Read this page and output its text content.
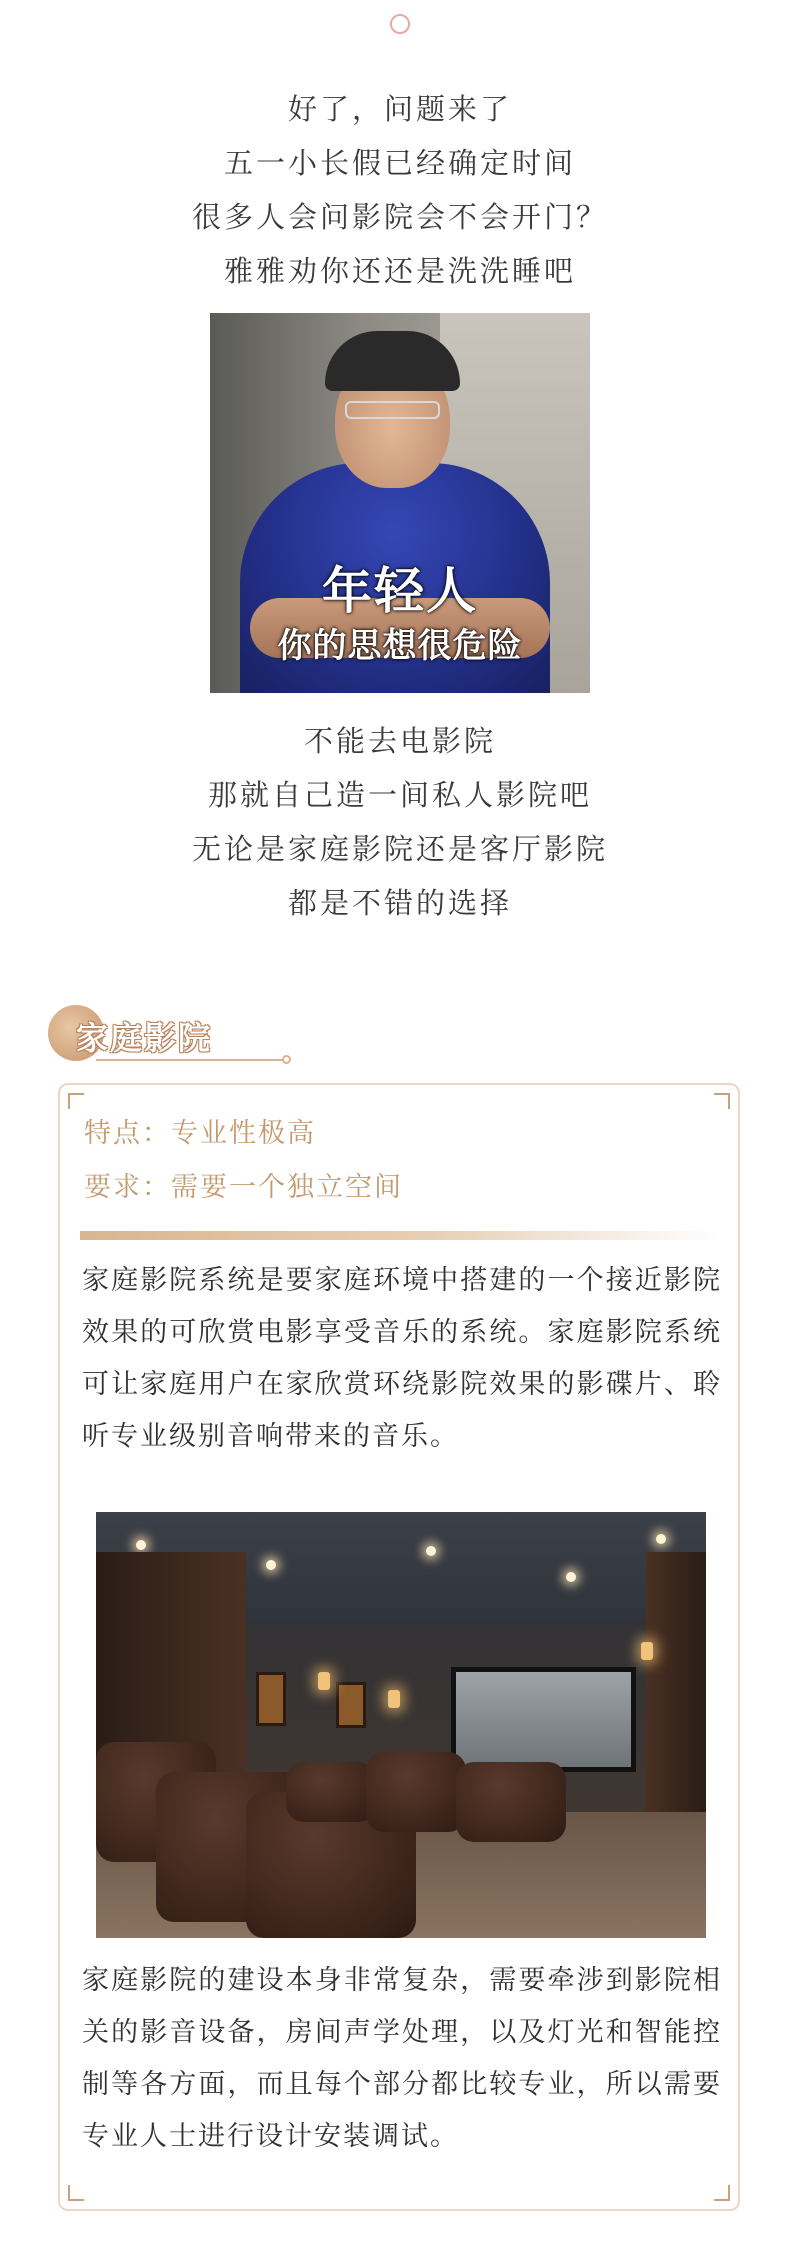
好了，问题来了
五一小长假已经确定时间
很多人会问影院会不会开门？
雅雅劝你还还是洗洗睡吧
年轻人
你的思想很危险
不能去电影院
那就自己造一间私人影院吧
无论是家庭影院还是客厅影院
都是不错的选择
家庭影院
特点：专业性极高
要求：需要一个独立空间
家庭影院系统是要家庭环境中搭建的一个接近影院效果的可欣赏电影享受音乐的系统。家庭影院系统可让家庭用户在家欣赏环绕影院效果的影碟片、聆听专业级别音响带来的音乐。
家庭影院的建设本身非常复杂，需要牵涉到影院相关的影音设备，房间声学处理，以及灯光和智能控制等各方面，而且每个部分都比较专业，所以需要专业人士进行设计安装调试。
